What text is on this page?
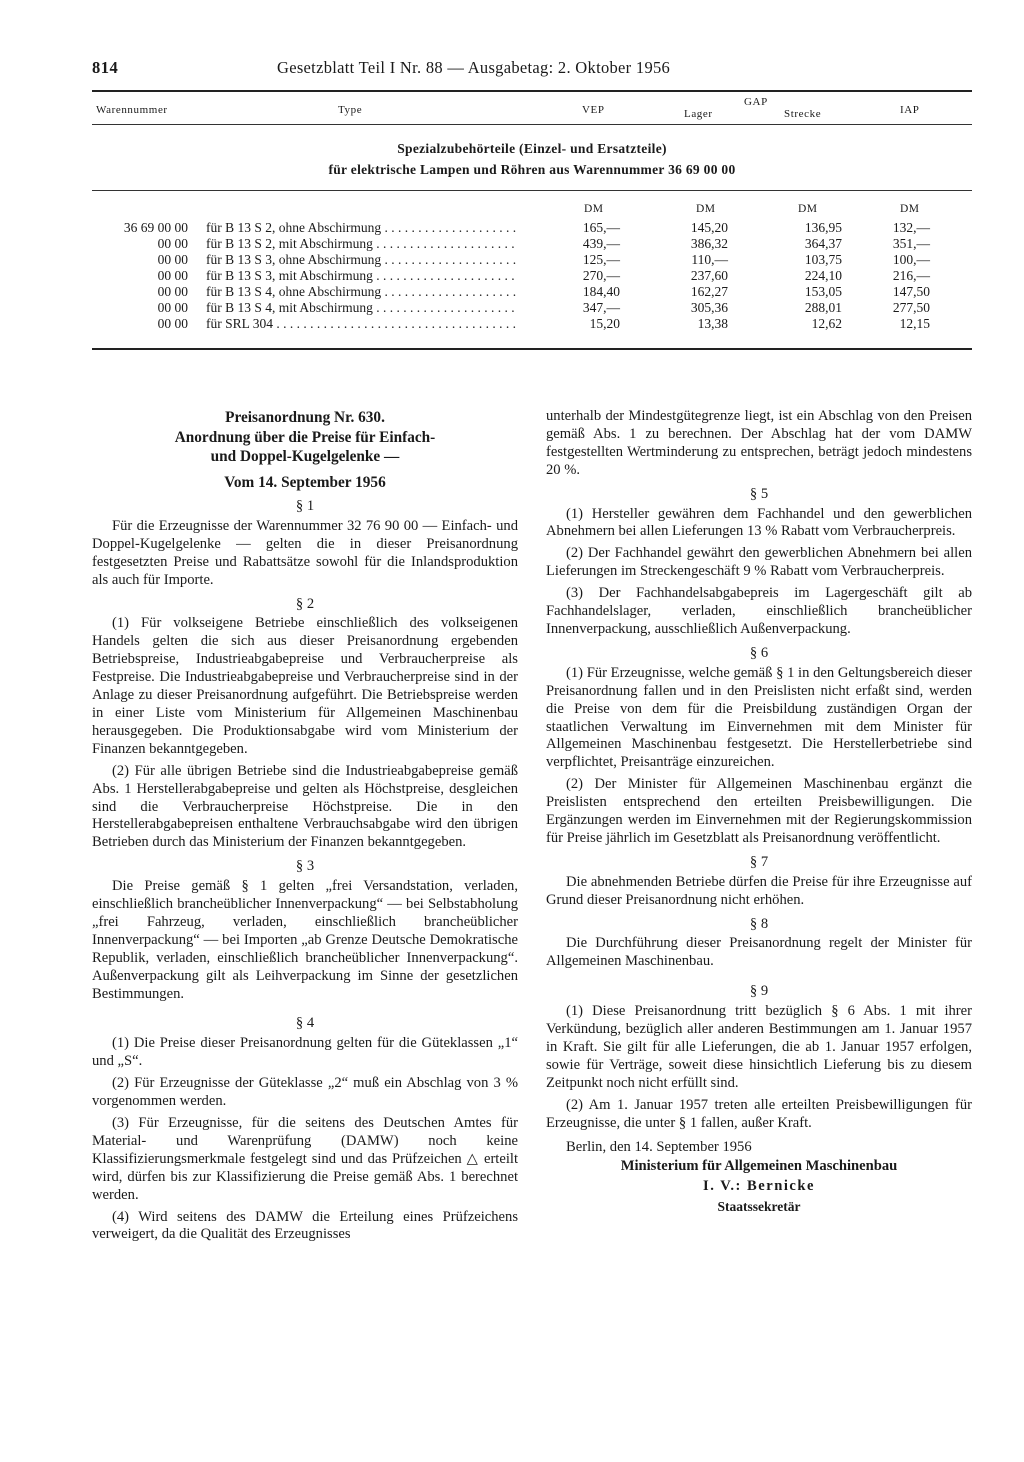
814	Gesetzblatt Teil I Nr. 88 — Ausgabetag: 2. Oktober 1956
Warennummer	Type	VEP
GAP
Lager	Strecke	IAP
Spezialzubehörteile (Einzel- und Ersatzteile)
für elektrische Lampen und Röhren aus Warennummer 36 69 00 00
DM	DM	DM	DM
36 69 00 00 für B 13 S 2, ohne Abschirmung . . .	165,—	145,20	136,95	132,—
00 00 für B 13 S 2, mit Abschirmung . . .	439,—	386,32	364,37	351,—
00 00 für B 13 S 3, ohne Abschirmung . . .	125,—	110,—	103,75	100,—
00 00 für B 13 S 3, mit Abschirmung . . .	270,—	237,60	224,10	216,—
00 00 für B 13 S 4, ohne Abschirmung . . .	184,40	162,27	153,05	147,50
00 00 für B 13 S 4, mit Abschirmung . . .	347,—	305,36	288,01	277,50
00 00 für SRL 304 . . .	15,20	13,38	12,62	12,15
Preisanordnung Nr. 630.
Anordnung über die Preise für Einfach-
und Doppel-Kugelgelenke —
Vom 14. September 1956
§ 1

Für die Erzeugnisse der Warennummer 32 76 90 00 — Einfach- und Doppel-Kugelgelenke — gelten die in dieser Preisanordnung festgesetzten Preise und Rabattsätze sowohl für die Inlandsproduktion als auch für Importe.

§ 2

(1) Für volkseigene Betriebe einschließlich des volkseigenen Handels gelten die sich aus dieser Preisanordnung ergebenden Betriebspreise, Industrieabgabepreise und Verbraucherpreise als Festpreise. Die Industrieabgabepreise und Verbraucherpreise sind in der Anlage zu dieser Preisanordnung aufgeführt. Die Betriebspreise werden in einer Liste vom Ministerium für Allgemeinen Maschinenbau herausgegeben. Die Produktionsabgabe wird vom Ministerium der Finanzen bekanntgegeben.

(2) Für alle übrigen Betriebe sind die Industrieabgabepreise gemäß Abs. 1 Herstellerabgabepreise und gelten als Höchstpreise, desgleichen sind die Verbraucherpreise Höchstpreise. Die in den Herstellerabgabepreisen enthaltene Verbrauchsabgabe wird den übrigen Betrieben durch das Ministerium der Finanzen bekanntgegeben.

§ 3

Die Preise gemäß § 1 gelten „frei Versandstation, verladen, einschließlich brancheüblicher Innenverpackung“ — bei Selbstabholung „frei Fahrzeug, verladen, einschließlich brancheüblicher Innenverpackung“ — bei Importen „ab Grenze Deutsche Demokratische Republik, verladen, einschließlich brancheüblicher Innenverpackung“. Außenverpackung gilt als Leihverpackung im Sinne der gesetzlichen Bestimmungen.

§ 4

(1) Die Preise dieser Preisanordnung gelten für die Güteklassen „1“ und „S“.

(2) Für Erzeugnisse der Güteklasse „2“ muß ein Abschlag von 3 % vorgenommen werden.

(3) Für Erzeugnisse, für die seitens des Deutschen Amtes für Material- und Warenprüfung (DAMW) noch keine Klassifizierungsmerkmale festgelegt sind und das Prüfzeichen △ erteilt wird, dürfen bis zur Klassifizierung die Preise gemäß Abs. 1 berechnet werden.

(4) Wird seitens des DAMW die Erteilung eines Prüfzeichens verweigert, da die Qualität des Erzeugnisses

unterhalb der Mindestgütegrenze liegt, ist ein Abschlag von den Preisen gemäß Abs. 1 zu berechnen. Der Abschlag hat der vom DAMW festgestellten Wertminderung zu entsprechen, beträgt jedoch mindestens 20 %.

§ 5

(1) Hersteller gewähren dem Fachhandel und den gewerblichen Abnehmern bei allen Lieferungen 13 % Rabatt vom Verbraucherpreis.

(2) Der Fachhandel gewährt den gewerblichen Abnehmern bei allen Lieferungen im Streckengeschäft 9 % Rabatt vom Verbraucherpreis.

(3) Der Fachhandelsabgabepreis im Lagergeschäft gilt ab Fachhandelslager, verladen, einschließlich brancheüblicher Innenverpackung, ausschließlich Außenverpackung.

§ 6

(1) Für Erzeugnisse, welche gemäß § 1 in den Geltungsbereich dieser Preisanordnung fallen und in den Preislisten nicht erfaßt sind, werden die Preise von dem für die Preisbildung zuständigen Organ der staatlichen Verwaltung im Einvernehmen mit dem Minister für Allgemeinen Maschinenbau festgesetzt. Die Herstellerbetriebe sind verpflichtet, Preisanträge einzureichen.

(2) Der Minister für Allgemeinen Maschinenbau ergänzt die Preislisten entsprechend den erteilten Preisbewilligungen. Die Ergänzungen werden im Einvernehmen mit der Regierungskommission für Preise jährlich im Gesetzblatt als Preisanordnung veröffentlicht.

§ 7

Die abnehmenden Betriebe dürfen die Preise für ihre Erzeugnisse auf Grund dieser Preisanordnung nicht erhöhen.

§ 8

Die Durchführung dieser Preisanordnung regelt der Minister für Allgemeinen Maschinenbau.

§ 9

(1) Diese Preisanordnung tritt bezüglich § 6 Abs. 1 mit ihrer Verkündung, bezüglich aller anderen Bestimmungen am 1. Januar 1957 in Kraft. Sie gilt für alle Lieferungen, die ab 1. Januar 1957 erfolgen, sowie für Verträge, soweit diese hinsichtlich Lieferung bis zu diesem Zeitpunkt noch nicht erfüllt sind.

(2) Am 1. Januar 1957 treten alle erteilten Preisbewilligungen für Erzeugnisse, die unter § 1 fallen, außer Kraft.

Berlin, den 14. September 1956

Ministerium für Allgemeinen Maschinenbau
I. V.: Bernicke
Staatssekretär
